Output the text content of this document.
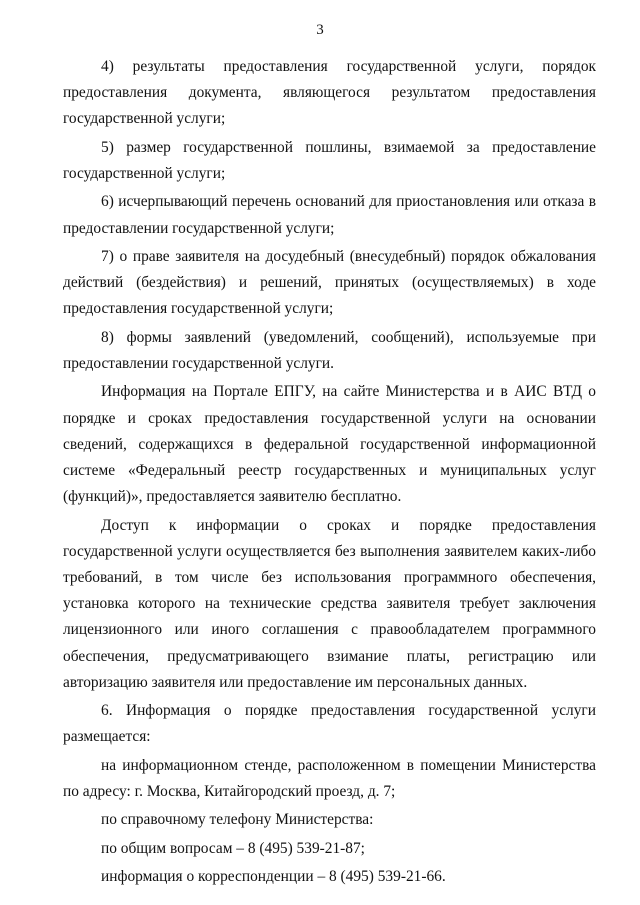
3

4) результаты предоставления государственной услуги, порядок предоставления документа, являющегося результатом предоставления государственной услуги;

5) размер государственной пошлины, взимаемой за предоставление государственной услуги;

6) исчерпывающий перечень оснований для приостановления или отказа в предоставлении государственной услуги;

7) о праве заявителя на досудебный (внесудебный) порядок обжалования действий (бездействия) и решений, принятых (осуществляемых) в ходе предоставления государственной услуги;

8) формы заявлений (уведомлений, сообщений), используемые при предоставлении государственной услуги.

Информация на Портале ЕПГУ, на сайте Министерства и в АИС ВТД о порядке и сроках предоставления государственной услуги на основании сведений, содержащихся в федеральной государственной информационной системе «Федеральный реестр государственных и муниципальных услуг (функций)», предоставляется заявителю бесплатно.

Доступ к информации о сроках и порядке предоставления государственной услуги осуществляется без выполнения заявителем каких-либо требований, в том числе без использования программного обеспечения, установка которого на технические средства заявителя требует заключения лицензионного или иного соглашения с правообладателем программного обеспечения, предусматривающего взимание платы, регистрацию или авторизацию заявителя или предоставление им персональных данных.

6. Информация о порядке предоставления государственной услуги размещается:

на информационном стенде, расположенном в помещении Министерства по адресу: г. Москва, Китайгородский проезд, д. 7;

по справочному телефону Министерства:

по общим вопросам – 8 (495) 539-21-87;

информация о корреспонденции – 8 (495) 539-21-66.
